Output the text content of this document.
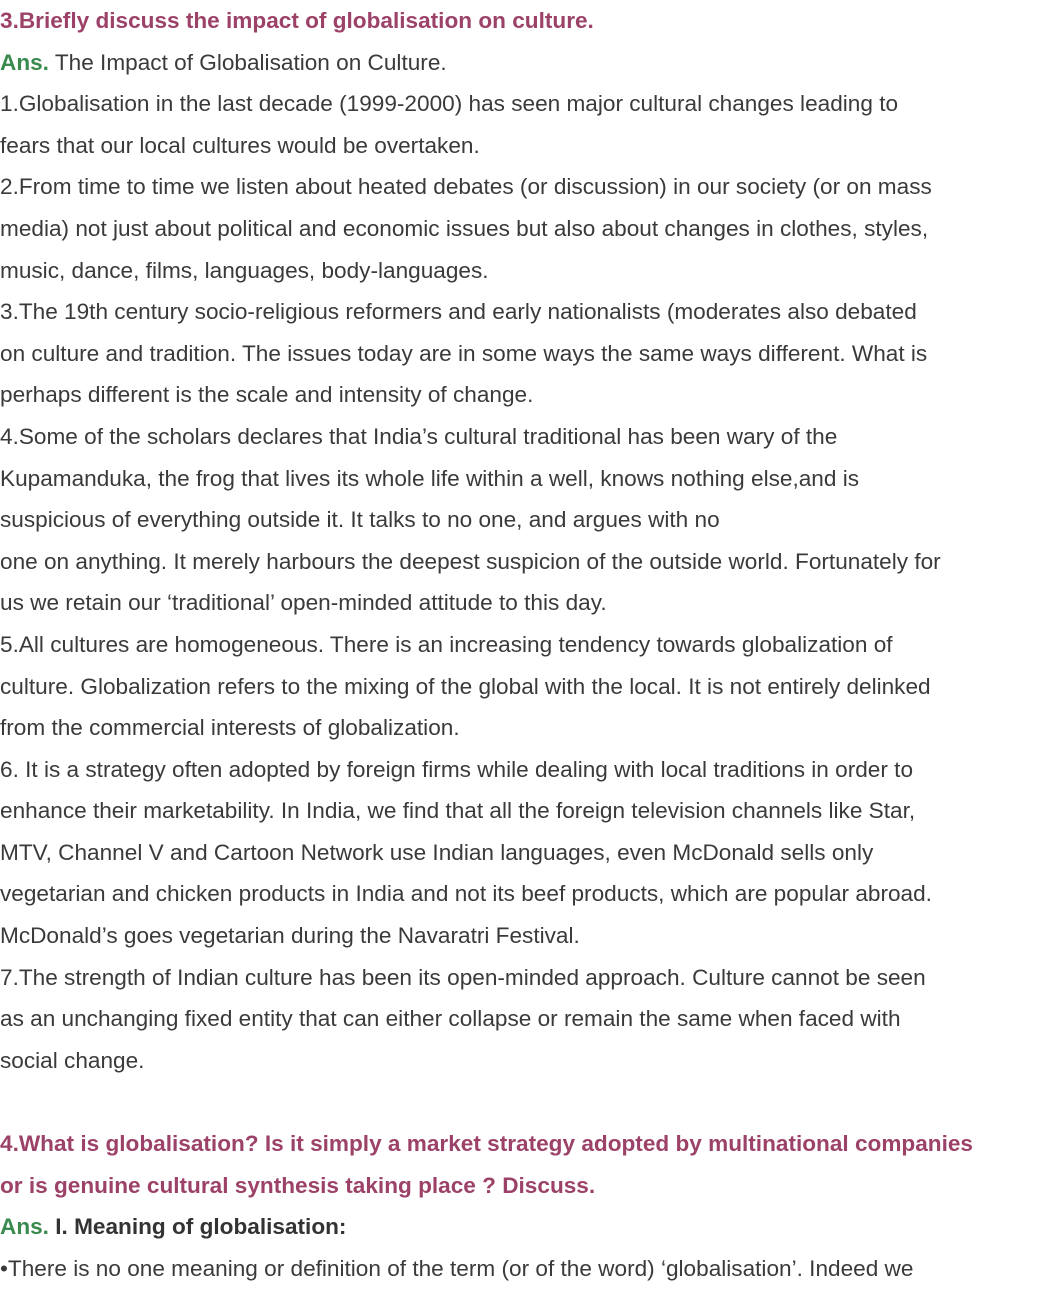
3.Briefly discuss the impact of globalisation on culture.
Ans. The Impact of Globalisation on Culture.
1.Globalisation in the last decade (1999-2000) has seen major cultural changes leading to
fears that our local cultures would be overtaken.
2.From time to time we listen about heated debates (or discussion) in our society (or on mass
media) not just about political and economic issues but also about changes in clothes, styles,
music, dance, films, languages, body-languages.
3.The 19th century socio-religious reformers and early nationalists (moderates also debated
on culture and tradition. The issues today are in some ways the same ways different. What is
perhaps different is the scale and intensity of change.
4.Some of the scholars declares that India’s cultural traditional has been wary of the
Kupamanduka, the frog that lives its whole life within a well, knows nothing else,and is
suspicious of everything outside it. It talks to no one, and argues with no
one on anything. It merely harbours the deepest suspicion of the outside world. Fortunately for
us we retain our ‘traditional’ open-minded attitude to this day.
5.All cultures are homogeneous. There is an increasing tendency towards globalization of
culture. Globalization refers to the mixing of the global with the local. It is not entirely delinked
from the commercial interests of globalization.
6. It is a strategy often adopted by foreign firms while dealing with local traditions in order to
enhance their marketability. In India, we find that all the foreign television channels like Star,
MTV, Channel V and Cartoon Network use Indian languages, even McDonald sells only
vegetarian and chicken products in India and not its beef products, which are popular abroad.
McDonald’s goes vegetarian during the Navaratri Festival.
7.The strength of Indian culture has been its open-minded approach. Culture cannot be seen
as an unchanging fixed entity that can either collapse or remain the same when faced with
social change.
4.What is globalisation? Is it simply a market strategy adopted by multinational companies
or is genuine cultural synthesis taking place ? Discuss.
Ans. I. Meaning of globalisation:
•There is no one meaning or definition of the term (or of the word) ‘globalisation’. Indeed we
